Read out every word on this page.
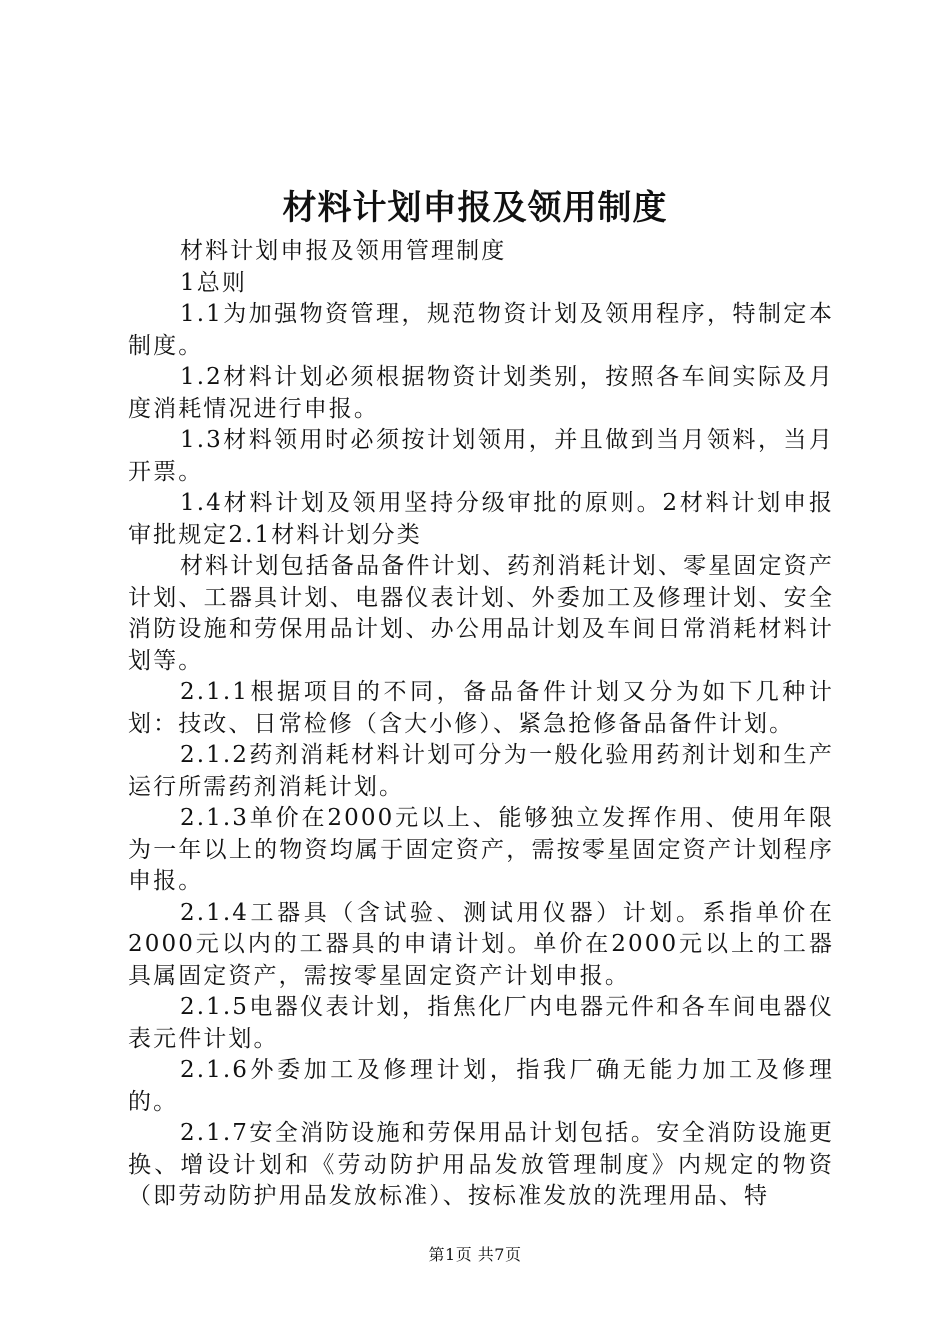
材料计划申报及领用制度

材料计划申报及领用管理制度

1总则

1.1为加强物资管理，规范物资计划及领用程序，特制定本制度。

1.2材料计划必须根据物资计划类别，按照各车间实际及月度消耗情况进行申报。

1.3材料领用时必须按计划领用，并且做到当月领料，当月开票。

1.4材料计划及领用坚持分级审批的原则。2材料计划申报审批规定2.1材料计划分类

材料计划包括备品备件计划、药剂消耗计划、零星固定资产计划、工器具计划、电器仪表计划、外委加工及修理计划、安全消防设施和劳保用品计划、办公用品计划及车间日常消耗材料计划等。

2.1.1根据项目的不同，备品备件计划又分为如下几种计划：技改、日常检修（含大小修）、紧急抢修备品备件计划。

2.1.2药剂消耗材料计划可分为一般化验用药剂计划和生产运行所需药剂消耗计划。

2.1.3单价在2000元以上、能够独立发挥作用、使用年限为一年以上的物资均属于固定资产，需按零星固定资产计划程序申报。

2.1.4工器具（含试验、测试用仪器）计划。系指单价在2000元以内的工器具的申请计划。单价在2000元以上的工器具属固定资产，需按零星固定资产计划申报。

2.1.5电器仪表计划，指焦化厂内电器元件和各车间电器仪表元件计划。

2.1.6外委加工及修理计划，指我厂确无能力加工及修理的。

2.1.7安全消防设施和劳保用品计划包括。安全消防设施更换、增设计划和《劳动防护用品发放管理制度》内规定的物资（即劳动防护用品发放标准）、按标准发放的洗理用品、特

第1页 共7页
